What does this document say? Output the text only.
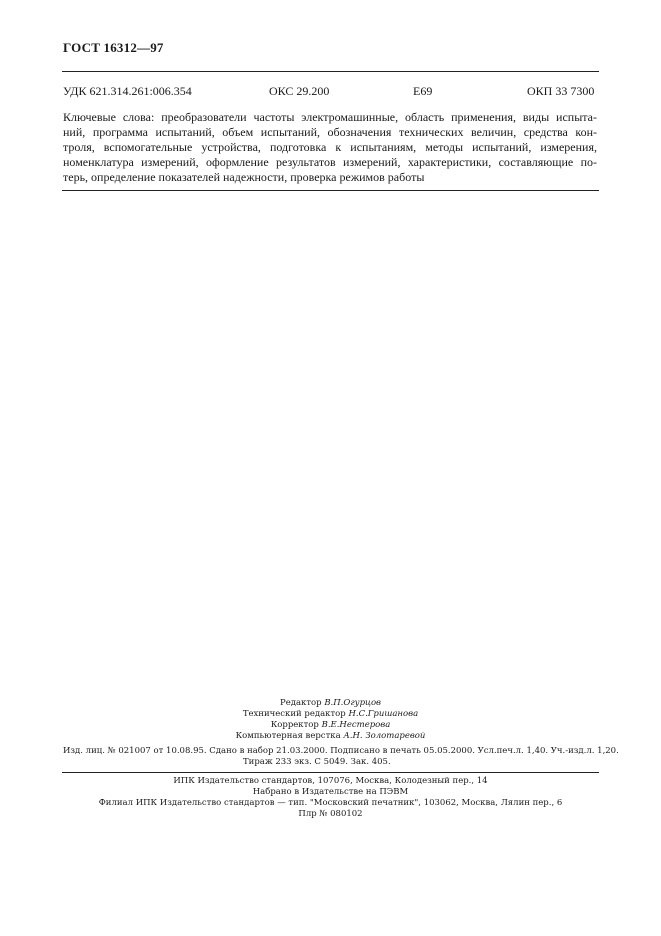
ГОСТ 16312—97
УДК 621.314.261:006.354	ОКС 29.200	Е69	ОКП 33 7300
Ключевые слова: преобразователи частоты электромашинные, область применения, виды испыта-
ний, программа испытаний, объем испытаний, обозначения технических величин, средства кон-
троля, вспомогательные устройства, подготовка к испытаниям, методы испытаний, измерения,
номенклатура измерений, оформление результатов измерений, характеристики, составляющие по-
терь, определение показателей надежности, проверка режимов работы
Редактор В.П.Огурцов
Технический редактор Н.С.Гришанова
Корректор В.Е.Нестерова
Компьютерная верстка А.Н. Золотаревой
Изд. лиц. № 021007 от 10.08.95. Сдано в набор 21.03.2000. Подписано в печать 05.05.2000. Усл.печ.л. 1,40. Уч.-изд.л. 1,20.
Тираж 233 экз. С 5049. Зак. 405.
ИПК Издательство стандартов, 107076, Москва, Колодезный пер., 14
Набрано в Издательстве на ПЭВМ
Филиал ИПК Издательство стандартов — тип. "Московский печатник", 103062, Москва, Лялин пер., 6
Плр № 080102
